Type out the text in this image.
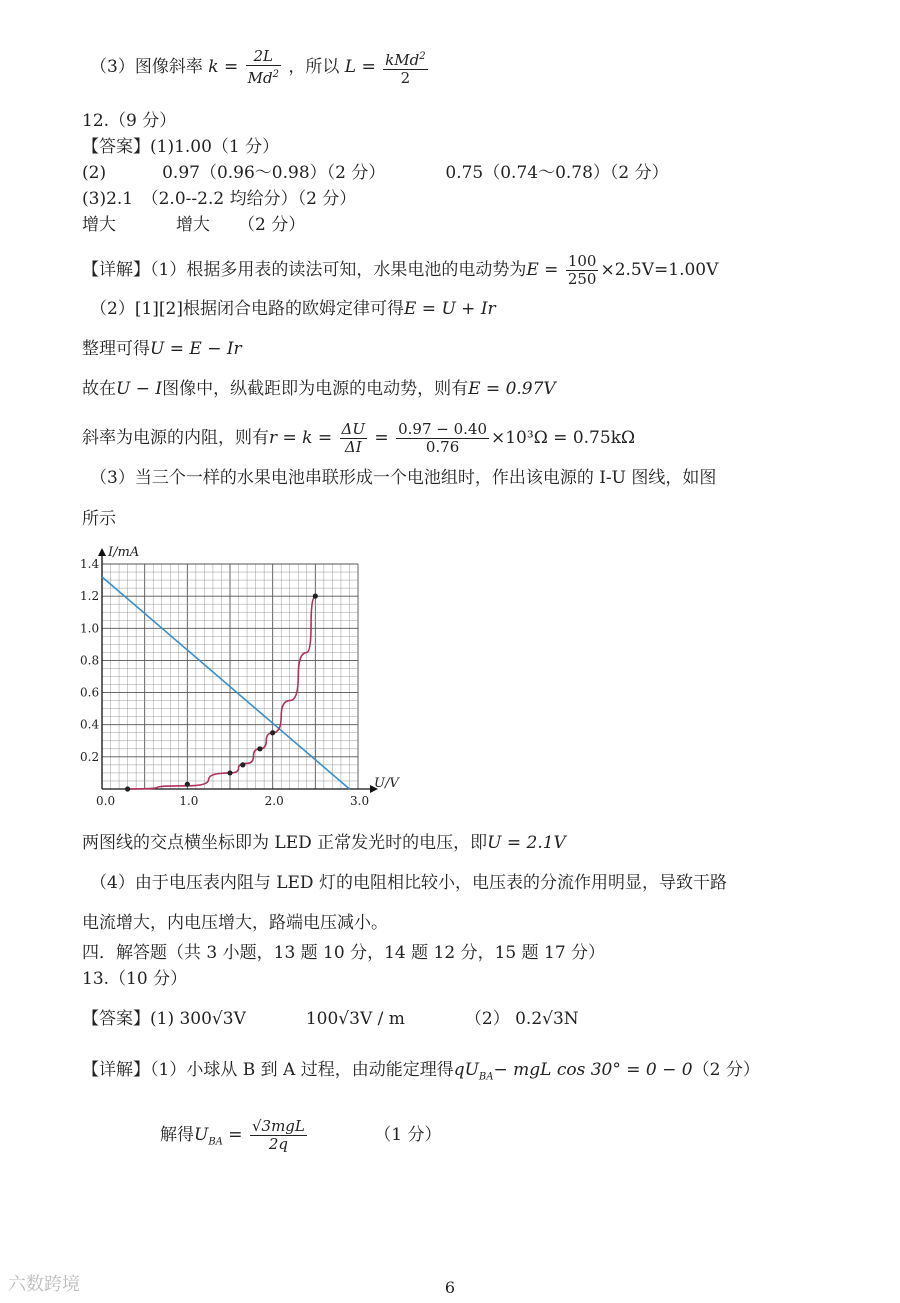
（3）图像斜率 $k = \frac{2L}{Md^2}$ ，所以 $L = \frac{kMd^2}{2}$
12.（9 分）
【答案】(1)1.00（1 分）
(2)	0.97（0.96～0.98）（2 分）	0.75（0.74～0.78）（2 分）
(3)2.1　（2.0--2.2 均给分）（2 分）
增大	增大 （2 分）
【详解】（1）根据多用表的读法可知，水果电池的电动势为$E = \frac{100}{250} \times 2.5V=1.00V$
（2）[1][2]根据闭合电路的欧姆定律可得E = U + Ir
整理可得U = E − Ir
故在U − I图像中，纵截距即为电源的电动势，则有E = 0.97V
斜率为电源的内阻，则有$r = k = \frac{\Delta U}{\Delta I} = \frac{0.97 - 0.40}{0.76} \times 10^3\Omega = 0.75k\Omega$
（3）当三个一样的水果电池串联形成一个电池组时，作出该电源的 I-U 图线，如图
所示
0.0	1.0	2.0	3.0
0.2
0.4
0.6
0.8
1.0
1.2
1.4
I/mA
U/V
两图线的交点横坐标即为 LED 正常发光时的电压，即U = 2.1V
（4）由于电压表内阻与 LED 灯的电阻相比较小，电压表的分流作用明显，导致干路
电流增大，内电压增大，路端电压减小。
四．解答题（共 3 小题，13 题 10 分，14 题 12 分，15 题 17 分）
13.（10 分）
【答案】(1) 300√3V	100√3V / m	（2） 0.2√3N
【详解】（1）小球从 B 到 A 过程，由动能定理得$qU_{BA}-$ mgL cos 30° = 0 − 0（2 分）
解得$U_{BA} = \frac{\text{√3mgL}}{2q}$	（1 分）
六数跨境	6
